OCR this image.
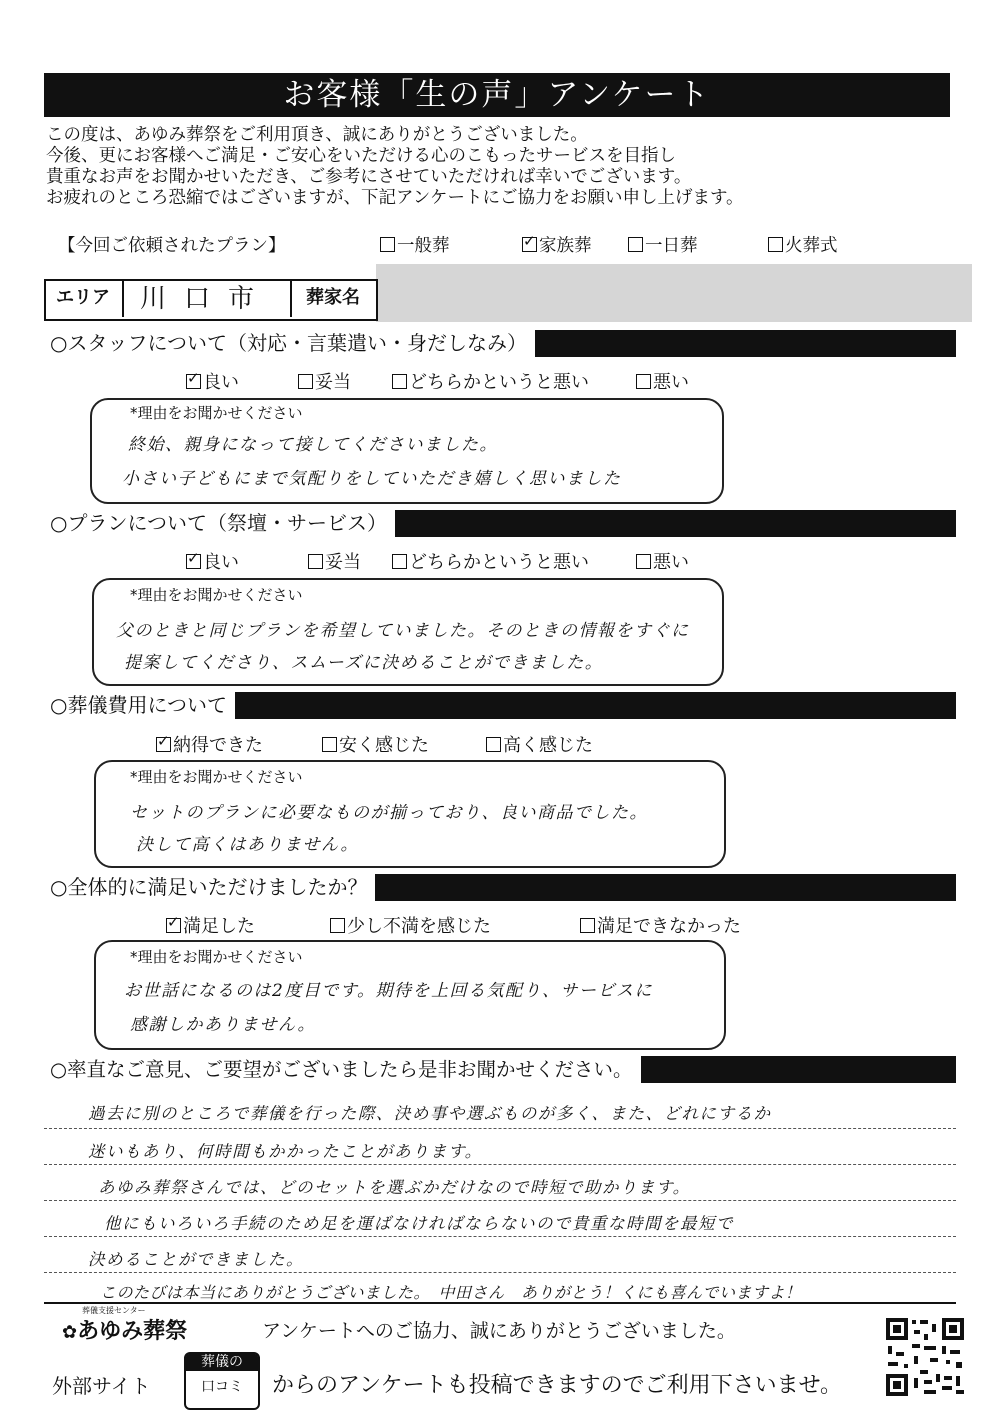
お客様「生の声」アンケート
この度は、あゆみ葬祭をご利用頂き、誠にありがとうございました。
今後、更にお客様へご満足・ご安心をいただける心のこもったサービスを目指し
貴重なお声をお聞かせいただき、ご参考にさせていただければ幸いでございます。
お疲れのところ恐縮ではございますが、下記アンケートにご協力をお願い申し上げます。
【今回ご依頼されたプラン】	一般葬
✓	家族葬	一日葬	火葬式
エリア	川口市	葬家名
○スタッフについて（対応・言葉遣い・身だしなみ）
✓良い	妥当	どちらかというと悪い	悪い
*理由をお聞かせください
終始、親身になって接してくださいました。
小さい子どもにまで気配りをしていただき嬉しく思いました
○プランについて（祭壇・サービス）
✓良い	妥当	どちらかというと悪い	悪い
*理由をお聞かせください
父のときと同じプランを希望していました。そのときの情報をすぐに
提案してくださり、スムーズに決めることができました。
○葬儀費用について
✓納得できた	安く感じた	高く感じた
*理由をお聞かせください
セットのプランに必要なものが揃っており、良い商品でした。
決して高くはありません。
○全体的に満足いただけましたか？
✓満足した	少し不満を感じた	満足できなかった
*理由をお聞かせください
お世話になるのは2度目です。期待を上回る気配り、サービスに
感謝しかありません。
○率直なご意見、ご要望がございましたら是非お聞かせください。
過去に別のところで葬儀を行った際、決め事や選ぶものが多く、また、どれにするか
迷いもあり、何時間もかかったことがあります。
あゆみ葬祭さんでは、どのセットを選ぶかだけなので時短で助かります。
他にもいろいろ手続のため足を運ばなければならないので貴重な時間を最短で
決めることができました。
このたびは本当にありがとうございました。　中田さん　ありがとう！くにも喜んでいますよ！
葬儀支援センター
✿あゆみ葬祭	アンケートへのご協力、誠にありがとうございました。
外部サイト
葬儀の
口コミ	からのアンケートも投稿できますのでご利用下さいませ。
